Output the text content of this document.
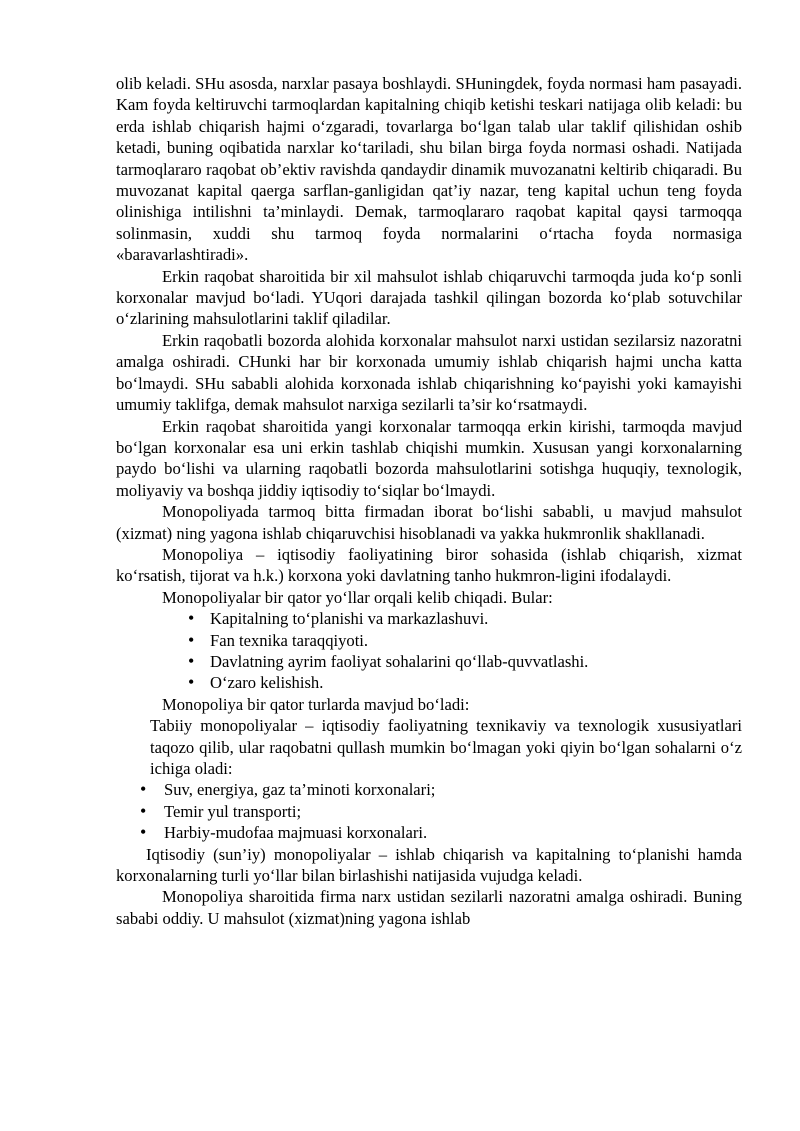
olib keladi. SHu asosda, narxlar pasaya boshlaydi. SHuningdek, foyda normasi ham pasayadi. Kam foyda keltiruvchi tarmoqlardan kapitalning chiqib ketishi teskari natijaga olib keladi: bu erda ishlab chiqarish hajmi o‘zgaradi, tovarlarga bo‘lgan talab ular taklif qilishidan oshib ketadi, buning oqibatida narxlar ko‘tariladi, shu bilan birga foyda normasi oshadi. Natijada tarmoqlararo raqobat ob’ektiv ravishda qandaydir dinamik muvozanatni keltirib chiqaradi. Bu muvozanat kapital qaerga sarflan-ganligidan qat’iy nazar, teng kapital uchun teng foyda olinishiga intilishni ta’minlaydi. Demak, tarmoqlararo raqobat kapital qaysi tarmoqqa solinmasin, xuddi shu tarmoq foyda normalarini o‘rtacha foyda normasiga «baravarlashtiradi».

Erkin raqobat sharoitida bir xil mahsulot ishlab chiqaruvchi tarmoqda juda ko‘p sonli korxonalar mavjud bo‘ladi. YUqori darajada tashkil qilingan bozorda ko‘plab sotuvchilar o‘zlarining mahsulotlarini taklif qiladilar.

Erkin raqobatli bozorda alohida korxonalar mahsulot narxi ustidan sezilarsiz nazoratni amalga oshiradi. CHunki har bir korxonada umumiy ishlab chiqarish hajmi uncha katta bo‘lmaydi. SHu sababli alohida korxonada ishlab chiqarishning ko‘payishi yoki kamayishi umumiy taklifga, demak mahsulot narxiga sezilarli ta’sir ko‘rsatmaydi.

Erkin raqobat sharoitida yangi korxonalar tarmoqqa erkin kirishi, tarmoqda mavjud bo‘lgan korxonalar esa uni erkin tashlab chiqishi mumkin. Xususan yangi korxonalarning paydo bo‘lishi va ularning raqobatli bozorda mahsulotlarini sotishga huquqiy, texnologik, moliyaviy va boshqa jiddiy iqtisodiy to‘siqlar bo‘lmaydi.

Monopoliyada tarmoq bitta firmadan iborat bo‘lishi sababli, u mavjud mahsulot (xizmat) ning yagona ishlab chiqaruvchisi hisoblanadi va yakka hukmronlik shakllanadi.

Monopoliya – iqtisodiy faoliyatining biror sohasida (ishlab chiqarish, xizmat ko‘rsatish, tijorat va h.k.) korxona yoki davlatning tanho hukmron-ligini ifodalaydi.

Monopoliyalar bir qator yo‘llar orqali kelib chiqadi. Bular:

• Kapitalning to‘planishi va markazlashuvi.
• Fan texnika taraqqiyoti.
• Davlatning ayrim faoliyat sohalarini qo‘llab-quvvatlashi.
• O‘zaro kelishish.

Monopoliya bir qator turlarda mavjud bo‘ladi:

Tabiiy monopoliyalar – iqtisodiy faoliyatning texnikaviy va texnologik xususiyatlari taqozo qilib, ular raqobatni qullash mumkin bo‘lmagan yoki qiyin bo‘lgan sohalarni o‘z ichiga oladi:

• Suv, energiya, gaz ta’minoti korxonalari;
• Temir yul transporti;
• Harbiy-mudofaa majmuasi korxonalari.

Iqtisodiy (sun’iy) monopoliyalar – ishlab chiqarish va kapitalning to‘planishi hamda korxonalarning turli yo‘llar bilan birlashishi natijasida vujudga keladi.

Monopoliya sharoitida firma narx ustidan sezilarli nazoratni amalga oshiradi. Buning sababi oddiy. U mahsulot (xizmat)ning yagona ishlab
